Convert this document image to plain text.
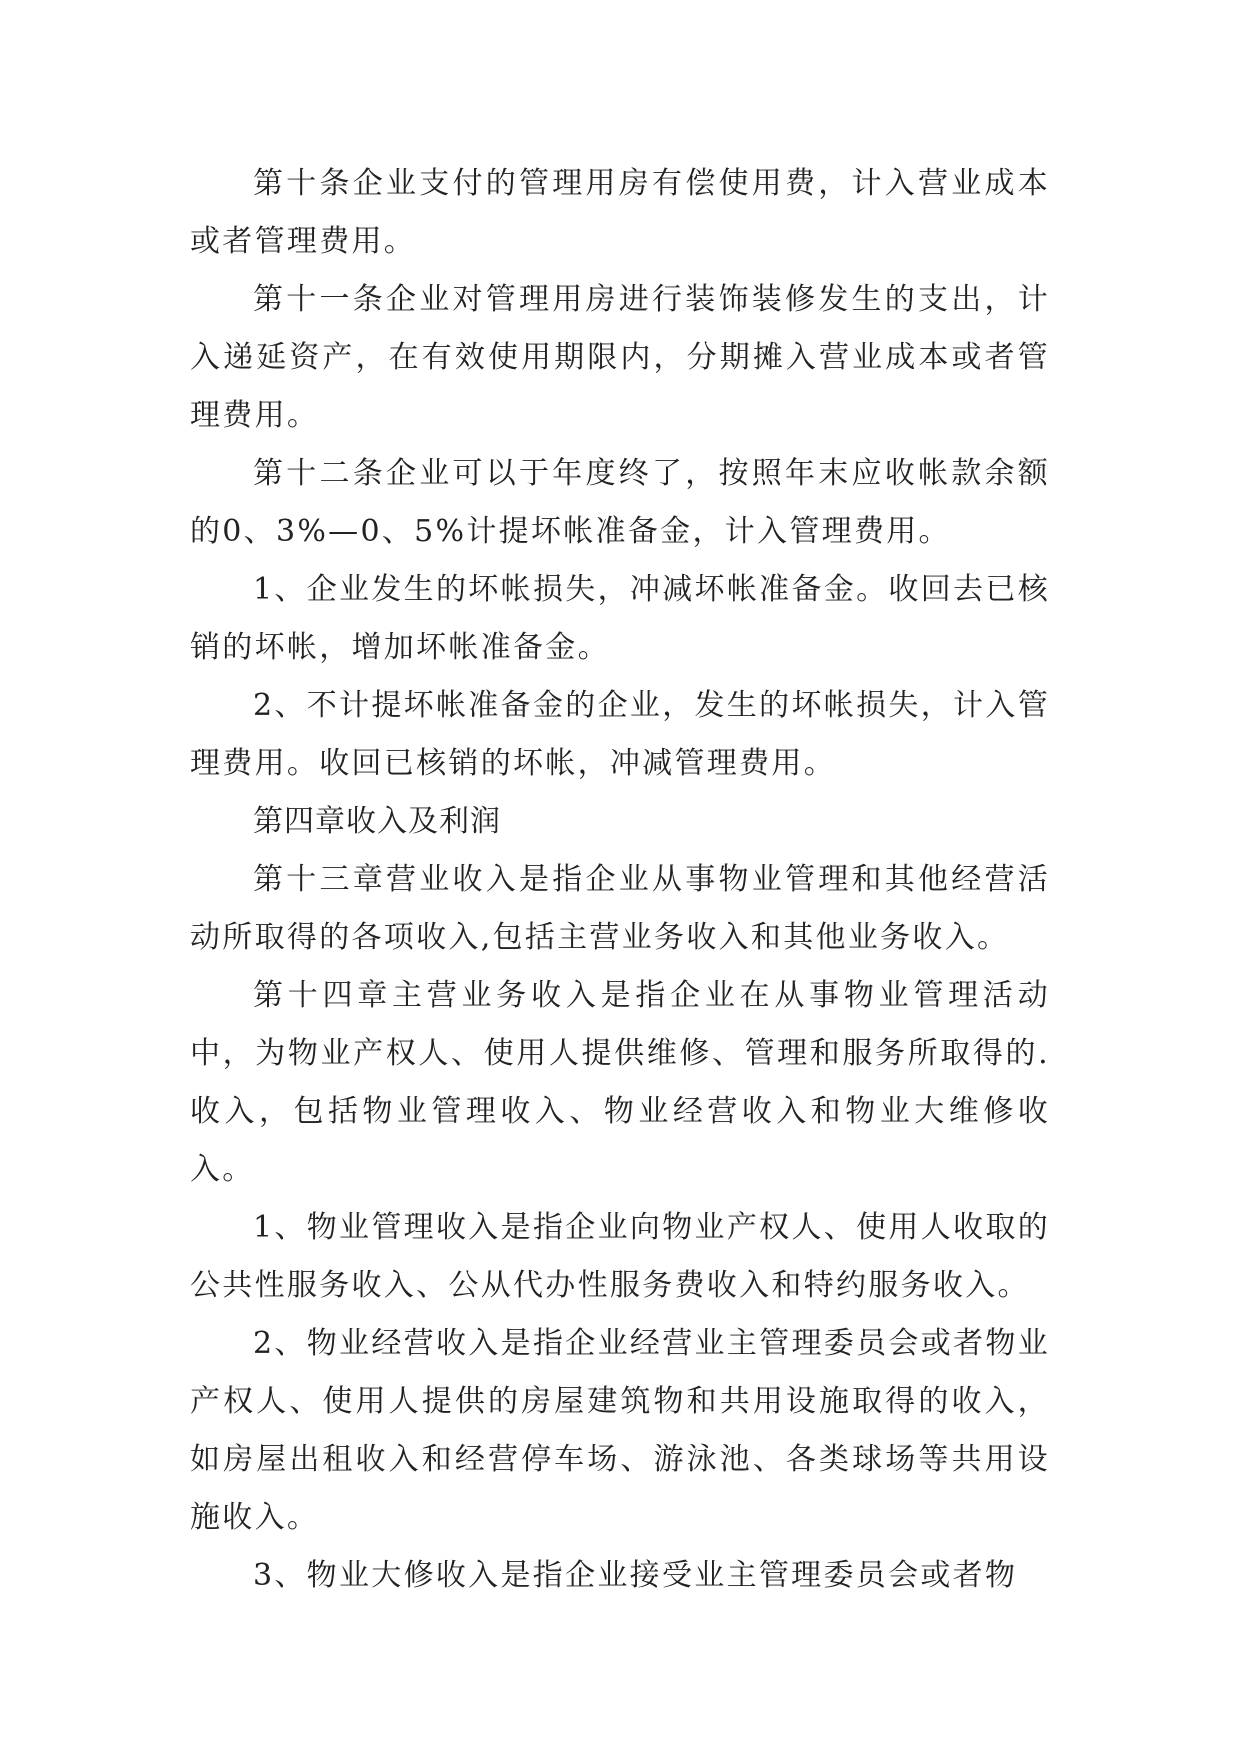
第十条企业支付的管理用房有偿使用费，计入营业成本或者管理费用。

第十一条企业对管理用房进行装饰装修发生的支出，计入递延资产，在有效使用期限内，分期摊入营业成本或者管理费用。

第十二条企业可以于年度终了，按照年末应收帐款余额的0、3%—0、5%计提坏帐准备金，计入管理费用。

1、企业发生的坏帐损失，冲减坏帐准备金。收回去已核销的坏帐，增加坏帐准备金。

2、不计提坏帐准备金的企业，发生的坏帐损失，计入管理费用。收回已核销的坏帐，冲减管理费用。

第四章收入及利润

第十三章营业收入是指企业从事物业管理和其他经营活动所取得的各项收入,包括主营业务收入和其他业务收入。

第十四章主营业务收入是指企业在从事物业管理活动中，为物业产权人、使用人提供维修、管理和服务所取得的.收入，包括物业管理收入、物业经营收入和物业大维修收入。

1、物业管理收入是指企业向物业产权人、使用人收取的公共性服务收入、公从代办性服务费收入和特约服务收入。

2、物业经营收入是指企业经营业主管理委员会或者物业产权人、使用人提供的房屋建筑物和共用设施取得的收入，如房屋出租收入和经营停车场、游泳池、各类球场等共用设施收入。

3、物业大修收入是指企业接受业主管理委员会或者物
